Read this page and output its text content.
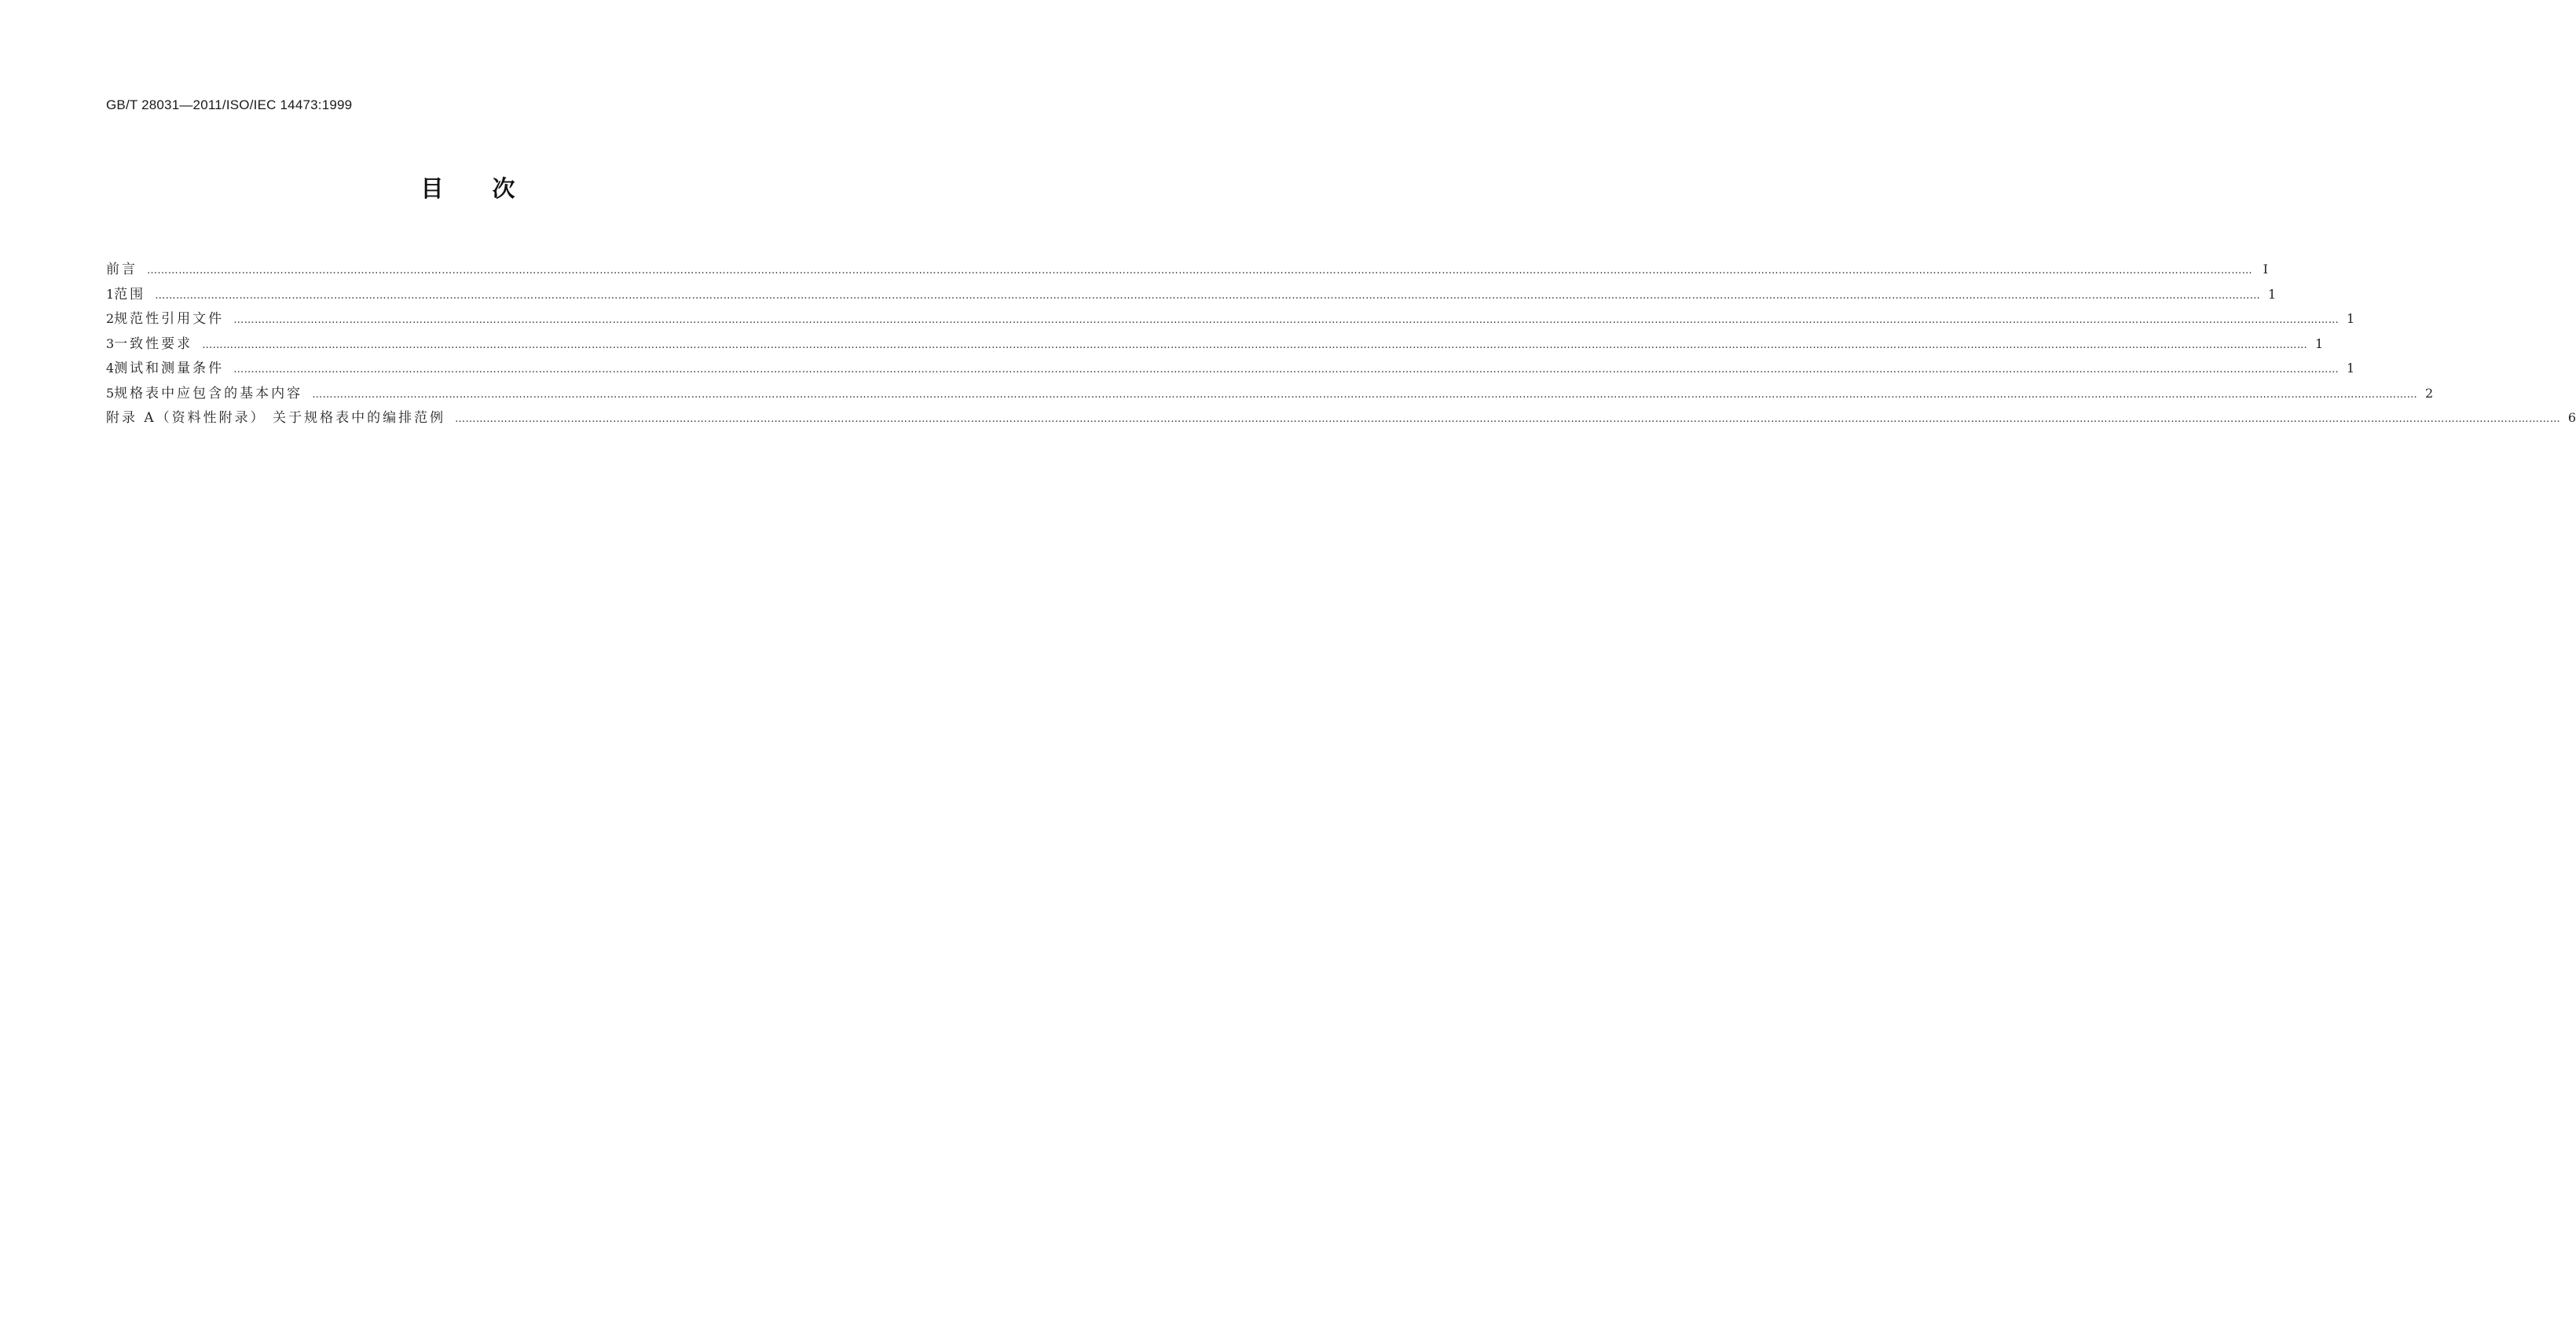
GB/T 28031—2011/ISO/IEC 14473:1999
目次
前言 …………………………………………………………………………………………………………………………………………………………………………………………………………………………………………………………………………………………………………………………………………………………………………………………………………………………………………………………………………………………………………………………………………………… Ⅰ
1 范围 …………………………………………………………………………………………………………………………………………………………………………………………………………………………………………………………………………………………………………………………………………………………………………………………………………………………………………………………………………………………………………………………………………………… 1
2 规范性引用文件 …………………………………………………………………………………………………………………………………………………………………………………………………………………………………………………………………………………………………………………………………………………………………………………………………………………………………………………………………………………………………………………………………………………… 1
3 一致性要求 …………………………………………………………………………………………………………………………………………………………………………………………………………………………………………………………………………………………………………………………………………………………………………………………………………………………………………………………………………………………………………………………………………………… 1
4 测试和测量条件 …………………………………………………………………………………………………………………………………………………………………………………………………………………………………………………………………………………………………………………………………………………………………………………………………………………………………………………………………………………………………………………………………………………… 1
5 规格表中应包含的基本内容 …………………………………………………………………………………………………………………………………………………………………………………………………………………………………………………………………………………………………………………………………………………………………………………………………………………………………………………………………………………………………………………………………………………… 2
附录 A（资料性附录） 关于规格表中的编排范例 …………………………………………………………………………………………………………………………………………………………………………………………………………………………………………………………………………………………………………………………………………………………………………………………………………………………………………………………………………………………………………………………………………………… 6
